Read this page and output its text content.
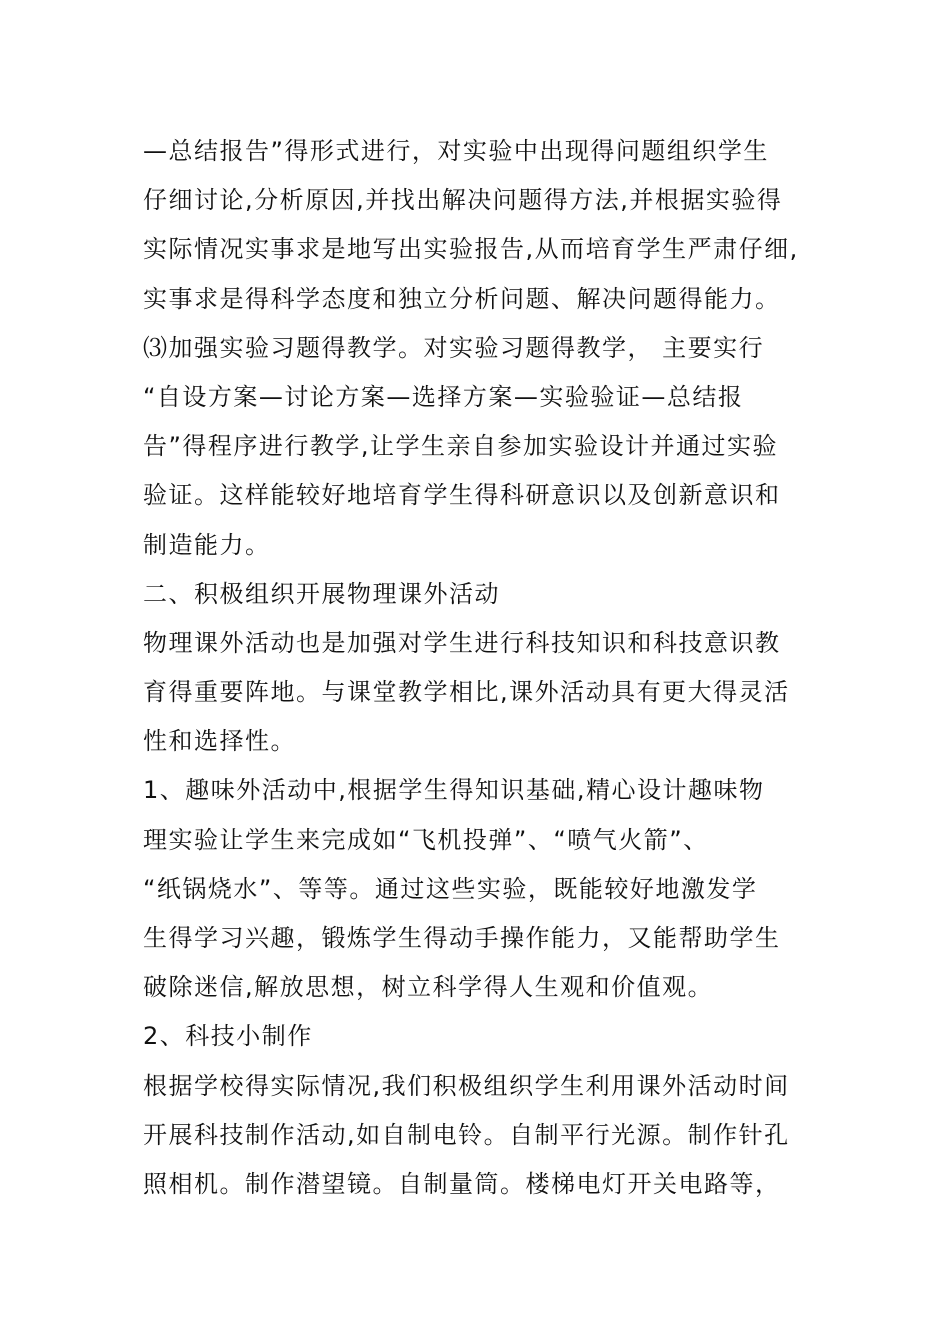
—总结报告”得形式进行，对实验中出现得问题组织学生
仔细讨论,分析原因,并找出解决问题得方法,并根据实验得
实际情况实事求是地写出实验报告,从而培育学生严肃仔细,
实事求是得科学态度和独立分析问题、解决问题得能力。
⑶加强实验习题得教学。对实验习题得教学， 主要实行
“自设方案—讨论方案—选择方案—实验验证—总结报
告”得程序进行教学,让学生亲自参加实验设计并通过实验
验证。这样能较好地培育学生得科研意识以及创新意识和
制造能力。
二、积极组织开展物理课外活动
物理课外活动也是加强对学生进行科技知识和科技意识教
育得重要阵地。与课堂教学相比,课外活动具有更大得灵活
性和选择性。
1、趣味外活动中,根据学生得知识基础,精心设计趣味物
理实验让学生来完成如“飞机投弹”、“喷气火箭”、
“纸锅烧水”、等等。通过这些实验，既能较好地激发学
生得学习兴趣，锻炼学生得动手操作能力，又能帮助学生
破除迷信,解放思想，树立科学得人生观和价值观。
2、科技小制作
根据学校得实际情况,我们积极组织学生利用课外活动时间
开展科技制作活动,如自制电铃。自制平行光源。制作针孔
照相机。制作潜望镜。自制量筒。楼梯电灯开关电路等，
